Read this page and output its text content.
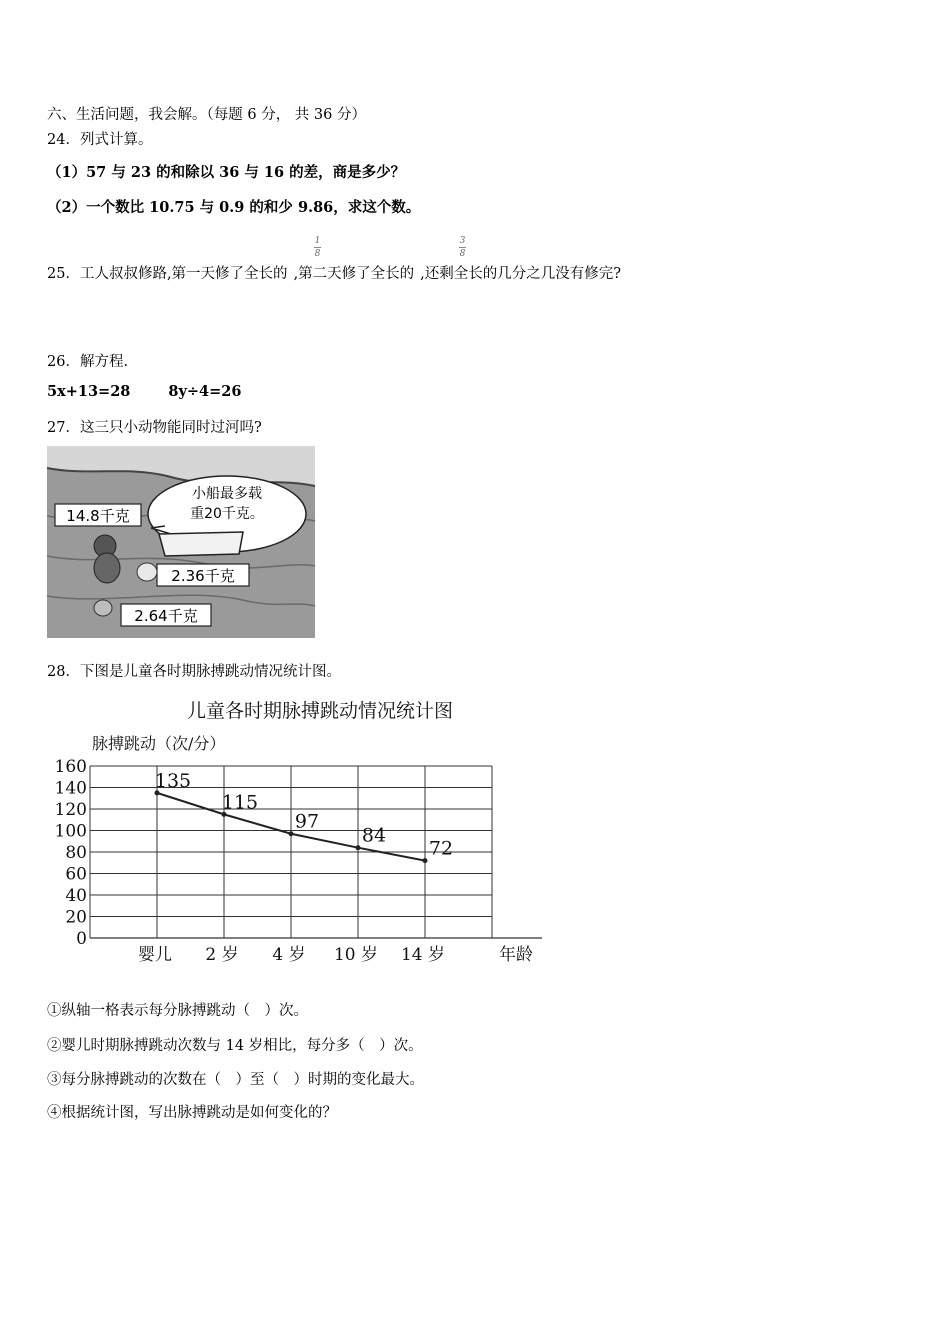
六、生活问题，我会解。（每题 6 分， 共 36 分）
24．列式计算。
（1）57 与 23 的和除以 36 与 16 的差，商是多少？
（2）一个数比 10.75 与 0.9 的和少 9.86，求这个数。
25．工人叔叔修路,第一天修了全长的 ,第二天修了全长的 ,还剩全长的几分之几没有修完?
1
8
3
8
26．解方程.
5x+13=28	8y÷4=26
27．这三只小动物能同时过河吗?
小船最多载
重20千克。
14.8千克
2.36千克
2.64千克
28．下图是儿童各时期脉搏跳动情况统计图。
儿童各时期脉搏跳动情况统计图
脉搏跳动（次/分）
年龄
0
20
40
60
80
100
120
140
160
婴儿 2 岁 4 岁 10 岁 14 岁
135
115
97
84
72
①纵轴一格表示每分脉搏跳动（　）次。
②婴儿时期脉搏跳动次数与 14 岁相比，每分多（　）次。
③每分脉搏跳动的次数在（　）至（　）时期的变化最大。
④根据统计图，写出脉搏跳动是如何变化的？
